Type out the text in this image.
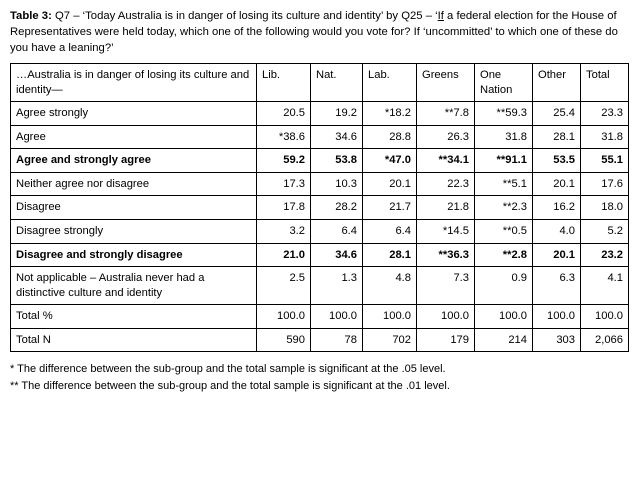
Table 3: Q7 – ‘Today Australia is in danger of losing its culture and identity’ by Q25 – ‘If a federal election for the House of Representatives were held today, which one of the following would you vote for? If ‘uncommitted’ to which one of these do you have a leaning?’

…Australia is in danger of losing its culture and identity—	Lib.	Nat.	Lab.	Greens	One Nation	Other	Total
Agree strongly	20.5	19.2	*18.2	**7.8	**59.3	25.4	23.3
Agree	*38.6	34.6	28.8	26.3	31.8	28.1	31.8
Agree and strongly agree	59.2	53.8	*47.0	**34.1	**91.1	53.5	55.1
Neither agree nor disagree	17.3	10.3	20.1	22.3	**5.1	20.1	17.6
Disagree	17.8	28.2	21.7	21.8	**2.3	16.2	18.0
Disagree strongly	3.2	6.4	6.4	*14.5	**0.5	4.0	5.2
Disagree and strongly disagree	21.0	34.6	28.1	**36.3	**2.8	20.1	23.2
Not applicable – Australia never had a distinctive culture and identity	2.5	1.3	4.8	7.3	0.9	6.3	4.1
Total %	100.0	100.0	100.0	100.0	100.0	100.0	100.0
Total N	590	78	702	179	214	303	2,066
* The difference between the sub-group and the total sample is significant at the .05 level.
** The difference between the sub-group and the total sample is significant at the .01 level.
